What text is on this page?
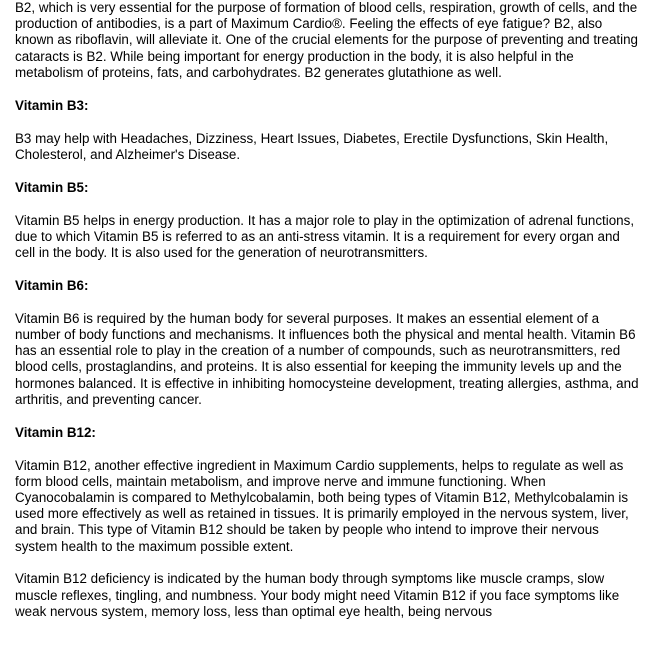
B2, which is very essential for the purpose of formation of blood cells, respiration, growth of cells, and the production of antibodies, is a part of Maximum Cardio®. Feeling the effects of eye fatigue? B2, also known as riboflavin, will alleviate it. One of the crucial elements for the purpose of preventing and treating cataracts is B2. While being important for energy production in the body, it is also helpful in the metabolism of proteins, fats, and carbohydrates. B2 generates glutathione as well.

Vitamin B3:

B3 may help with Headaches, Dizziness, Heart Issues, Diabetes, Erectile Dysfunctions, Skin Health, Cholesterol, and Alzheimer's Disease.

Vitamin B5:

Vitamin B5 helps in energy production. It has a major role to play in the optimization of adrenal functions, due to which Vitamin B5 is referred to as an anti-stress vitamin. It is a requirement for every organ and cell in the body. It is also used for the generation of neurotransmitters.

Vitamin B6:

Vitamin B6 is required by the human body for several purposes. It makes an essential element of a number of body functions and mechanisms. It influences both the physical and mental health. Vitamin B6 has an essential role to play in the creation of a number of compounds, such as neurotransmitters, red blood cells, prostaglandins, and proteins. It is also essential for keeping the immunity levels up and the hormones balanced. It is effective in inhibiting homocysteine development, treating allergies, asthma, and arthritis, and preventing cancer.

Vitamin B12:

Vitamin B12, another effective ingredient in Maximum Cardio supplements, helps to regulate as well as form blood cells, maintain metabolism, and improve nerve and immune functioning. When Cyanocobalamin is compared to Methylcobalamin, both being types of Vitamin B12, Methylcobalamin is used more effectively as well as retained in tissues. It is primarily employed in the nervous system, liver, and brain. This type of Vitamin B12 should be taken by people who intend to improve their nervous system health to the maximum possible extent.

Vitamin B12 deficiency is indicated by the human body through symptoms like muscle cramps, slow muscle reflexes, tingling, and numbness. Your body might need Vitamin B12 if you face symptoms like weak nervous system, memory loss, less than optimal eye health, being nervous
